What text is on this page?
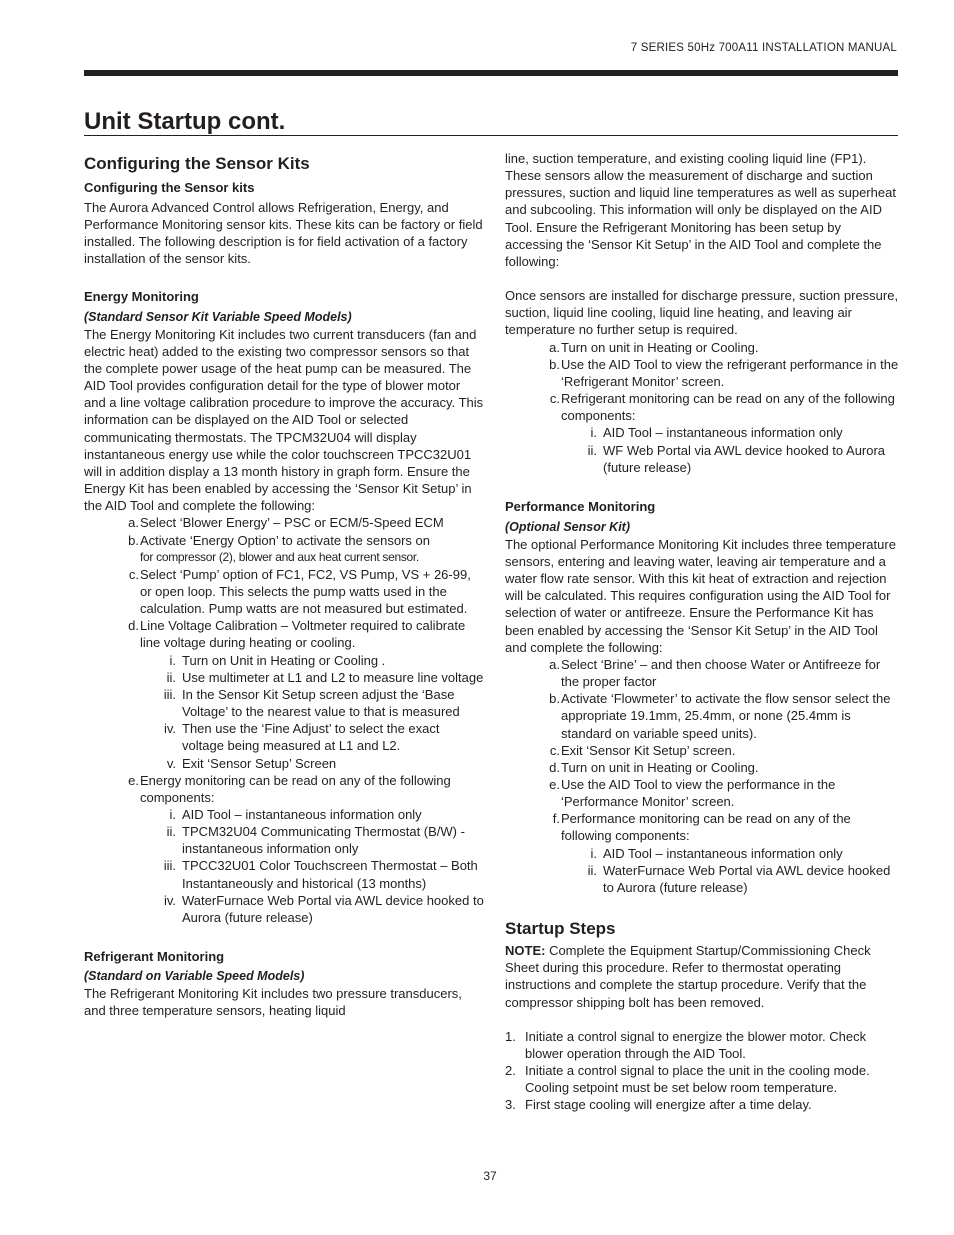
7 SERIES 50Hz 700A11 INSTALLATION MANUAL
Unit Startup cont.
Configuring the Sensor Kits
Configuring the Sensor kits

The Aurora Advanced Control allows Refrigeration, Energy, and Performance Monitoring sensor kits. These kits can be factory or field installed. The following description is for field activation of a factory installation of the sensor kits.

Energy Monitoring
(Standard Sensor Kit Variable Speed Models)

The Energy Monitoring Kit includes two current transducers (fan and electric heat) added to the existing two compressor sensors so that the complete power usage of the heat pump can be measured. The AID Tool provides configuration detail for the type of blower motor and a line voltage calibration procedure to improve the accuracy. This information can be displayed on the AID Tool or selected communicating thermostats. The TPCM32U04 will display instantaneous energy use while the color touchscreen TPCC32U01 will in addition display a 13 month history in graph form. Ensure the Energy Kit has been enabled by accessing the ‘Sensor Kit Setup’ in the AID Tool and complete the following:

a. Select ‘Blower Energy’ – PSC or ECM/5-Speed ECM
b. Activate ‘Energy Option’ to activate the sensors on
for compressor (2), blower and aux heat current sensor.
c. Select ‘Pump’ option of FC1, FC2, VS Pump, VS + 26-99, or open loop. This selects the pump watts used in the calculation. Pump watts are not measured but estimated.
d. Line Voltage Calibration – Voltmeter required to calibrate line voltage during heating or cooling.
i. Turn on Unit in Heating or Cooling .
ii. Use multimeter at L1 and L2 to measure line voltage
iii. In the Sensor Kit Setup screen adjust the ‘Base Voltage’ to the nearest value to that is measured
iv. Then use the ‘Fine Adjust’ to select the exact voltage being measured at L1 and L2.
v. Exit ‘Sensor Setup’ Screen
e. Energy monitoring can be read on any of the following components:
i. AID Tool – instantaneous information only
ii. TPCM32U04 Communicating Thermostat (B/W) - instantaneous information only
iii. TPCC32U01 Color Touchscreen Thermostat – Both Instantaneously and historical (13 months)
iv. WaterFurnace Web Portal via AWL device hooked to Aurora (future release)
Refrigerant Monitoring
(Standard on Variable Speed Models)

The Refrigerant Monitoring Kit includes two pressure transducers, and three temperature sensors, heating liquid

line, suction temperature, and existing cooling liquid line (FP1). These sensors allow the measurement of discharge and suction pressures, suction and liquid line temperatures as well as superheat and subcooling. This information will only be displayed on the AID Tool. Ensure the Refrigerant Monitoring has been setup by accessing the ‘Sensor Kit Setup’ in the AID Tool and complete the following:

Once sensors are installed for discharge pressure, suction pressure, suction, liquid line cooling, liquid line heating, and leaving air temperature no further setup is required.

a. Turn on unit in Heating or Cooling.
b. Use the AID Tool to view the refrigerant performance in the ‘Refrigerant Monitor’ screen.
c. Refrigerant monitoring can be read on any of the following components:
i. AID Tool – instantaneous information only
ii. WF Web Portal via AWL device hooked to Aurora (future release)
Performance Monitoring
(Optional Sensor Kit)

The optional Performance Monitoring Kit includes three temperature sensors, entering and leaving water, leaving air temperature and a water flow rate sensor. With this kit heat of extraction and rejection will be calculated. This requires configuration using the AID Tool for selection of water or antifreeze. Ensure the Performance Kit has been enabled by accessing the ‘Sensor Kit Setup’ in the AID Tool and complete the following:

a. Select ‘Brine’ – and then choose Water or Antifreeze for the proper factor
b. Activate ‘Flowmeter’ to activate the flow sensor select the appropriate 19.1mm, 25.4mm, or none (25.4mm is standard on variable speed units).
c. Exit ‘Sensor Kit Setup’ screen.
d. Turn on unit in Heating or Cooling.
e. Use the AID Tool to view the performance in the ‘Performance Monitor’ screen.
f. Performance monitoring can be read on any of the following components:
i. AID Tool – instantaneous information only
ii. WaterFurnace Web Portal via AWL device hooked to Aurora (future release)
Startup Steps

NOTE: Complete the Equipment Startup/Commissioning Check Sheet during this procedure. Refer to thermostat operating instructions and complete the startup procedure. Verify that the compressor shipping bolt has been removed.

1. Initiate a control signal to energize the blower motor. Check blower operation through the AID Tool.
2. Initiate a control signal to place the unit in the cooling mode. Cooling setpoint must be set below room temperature.
3. First stage cooling will energize after a time delay.
37
